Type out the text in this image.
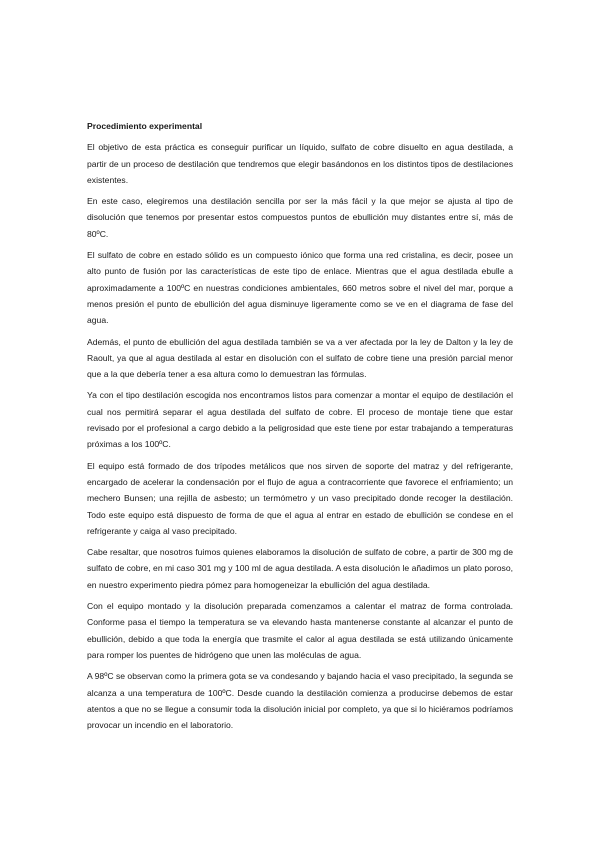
Procedimiento experimental

El objetivo de esta práctica es conseguir purificar un líquido, sulfato de cobre disuelto en agua destilada, a partir de un proceso de destilación que tendremos que elegir basándonos en los distintos tipos de destilaciones existentes.

En este caso, elegiremos una destilación sencilla por ser la más fácil y la que mejor se ajusta al tipo de disolución que tenemos por presentar estos compuestos puntos de ebullición muy distantes entre sí, más de 80ºC.

El sulfato de cobre en estado sólido es un compuesto iónico que forma una red cristalina, es decir, posee un alto punto de fusión por las características de este tipo de enlace. Mientras que el agua destilada ebulle a aproximadamente a 100ºC en nuestras condiciones ambientales, 660 metros sobre el nivel del mar, porque a menos presión el punto de ebullición del agua disminuye ligeramente como se ve en el diagrama de fase del agua.

Además, el punto de ebullición del agua destilada también se va a ver afectada por la ley de Dalton y la ley de Raoult, ya que al agua destilada al estar en disolución con el sulfato de cobre tiene una presión parcial menor que a la que debería tener a esa altura como lo demuestran las fórmulas.

Ya con el tipo destilación escogida nos encontramos listos para comenzar a montar el equipo de destilación el cual nos permitirá separar el agua destilada del sulfato de cobre. El proceso de montaje tiene que estar revisado por el profesional a cargo debido a la peligrosidad que este tiene por estar trabajando a temperaturas próximas a los 100ºC.

El equipo está formado de dos trípodes metálicos que nos sirven de soporte del matraz y del refrigerante, encargado de acelerar la condensación por el flujo de agua a contracorriente que favorece el enfriamiento; un mechero Bunsen; una rejilla de asbesto; un termómetro y un vaso precipitado donde recoger la destilación. Todo este equipo está dispuesto de forma de que el agua al entrar en estado de ebullición se condese en el refrigerante y caiga al vaso precipitado.

Cabe resaltar, que nosotros fuimos quienes elaboramos la disolución de sulfato de cobre, a partir de 300 mg de sulfato de cobre, en mi caso 301 mg y 100 ml de agua destilada. A esta disolución le añadimos un plato poroso, en nuestro experimento piedra pómez para homogeneizar la ebullición del agua destilada.

Con el equipo montado y la disolución preparada comenzamos a calentar el matraz de forma controlada. Conforme pasa el tiempo la temperatura se va elevando hasta mantenerse constante al alcanzar el punto de ebullición, debido a que toda la energía que trasmite el calor al agua destilada se está utilizando únicamente para romper los puentes de hidrógeno que unen las moléculas de agua.

A 98ºC se observan como la primera gota se va condesando y bajando hacia el vaso precipitado, la segunda se alcanza a una temperatura de 100ºC. Desde cuando la destilación comienza a producirse debemos de estar atentos a que no se llegue a consumir toda la disolución inicial por completo, ya que si lo hiciéramos podríamos provocar un incendio en el laboratorio.
